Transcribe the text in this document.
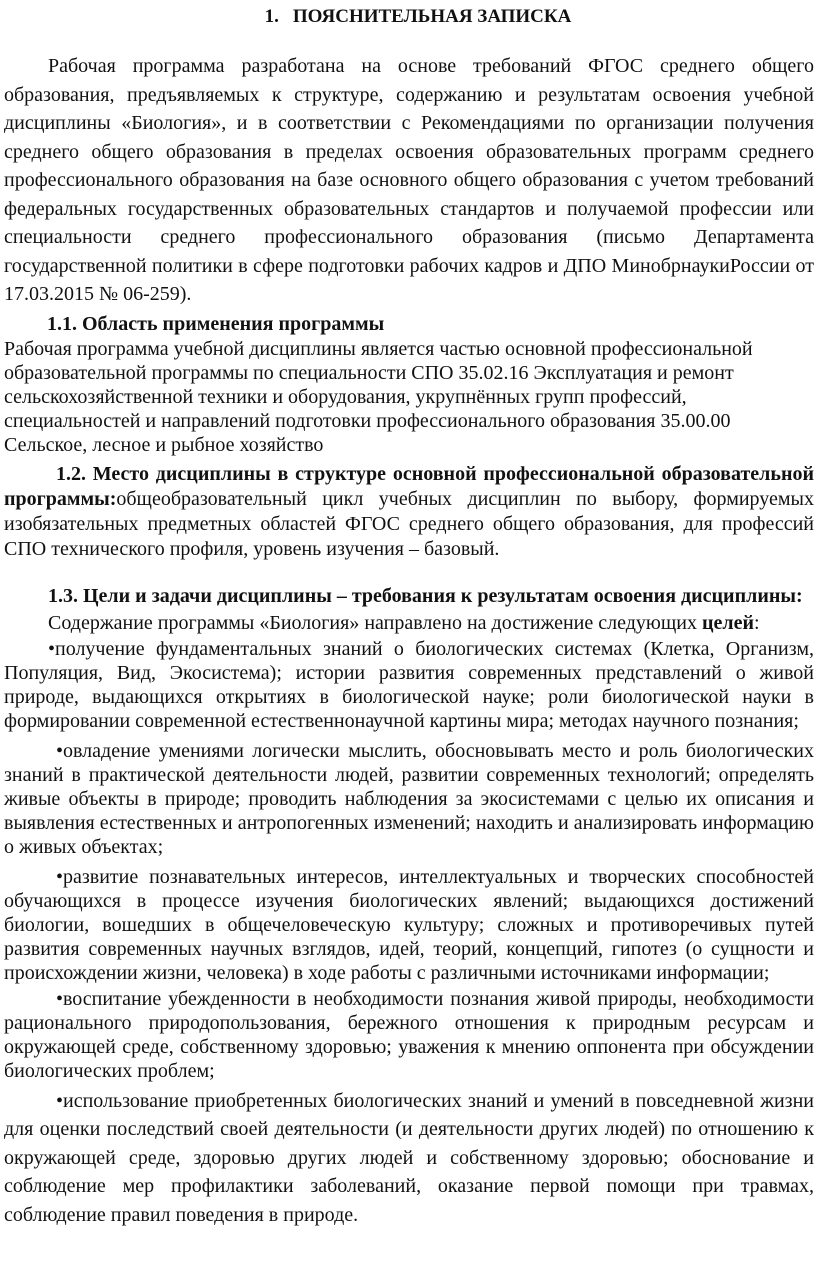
1. ПОЯСНИТЕЛЬНАЯ ЗАПИСКА

Рабочая программа разработана на основе требований ФГОС среднего общего образования, предъявляемых к структуре, содержанию и результатам освоения учебной дисциплины «Биология», и в соответствии с Рекомендациями по организации получения среднего общего образования в пределах освоения образовательных программ среднего профессионального образования на базе основного общего образования с учетом требований федеральных государственных образовательных стандартов и получаемой профессии или специальности среднего профессионального образования (письмо Департамента государственной политики в сфере подготовки рабочих кадров и ДПО МинобрнаукиРоссии от 17.03.2015 № 06-259).

1.1. Область применения программы

Рабочая программа учебной дисциплины является частью основной профессиональной образовательной программы по специальности СПО 35.02.16 Эксплуатация и ремонт сельскохозяйственной техники и оборудования, укрупнённых групп профессий, специальностей и направлений подготовки профессионального образования 35.00.00 Сельское, лесное и рыбное хозяйство

1.2. Место дисциплины в структуре основной профессиональной образовательной программы:общеобразовательный цикл учебных дисциплин по выбору, формируемых изобязательных предметных областей ФГОС среднего общего образования, для профессий СПО технического профиля, уровень изучения – базовый.

1.3. Цели и задачи дисциплины – требования к результатам освоения дисциплины:

Содержание программы «Биология» направлено на достижение следующих целей:

•получение фундаментальных знаний о биологических системах (Клетка, Организм, Популяция, Вид, Экосистема); истории развития современных представлений о живой природе, выдающихся открытиях в биологической науке; роли биологической науки в формировании современной естественнонаучной картины мира; методах научного познания;

•овладение умениями логически мыслить, обосновывать место и роль биологических знаний в практической деятельности людей, развитии современных технологий; определять живые объекты в природе; проводить наблюдения за экосистемами с целью их описания и выявления естественных и антропогенных изменений; находить и анализировать информацию о живых объектах;

•развитие познавательных интересов, интеллектуальных и творческих способностей обучающихся в процессе изучения биологических явлений; выдающихся достижений биологии, вошедших в общечеловеческую культуру; сложных и противоречивых путей развития современных научных взглядов, идей, теорий, концепций, гипотез (о сущности и происхождении жизни, человека) в ходе работы с различными источниками информации;

•воспитание убежденности в необходимости познания живой природы, необходимости рационального природопользования, бережного отношения к природным ресурсам и окружающей среде, собственному здоровью; уважения к мнению оппонента при обсуждении биологических проблем;

•использование приобретенных биологических знаний и умений в повседневной жизни для оценки последствий своей деятельности (и деятельности других людей) по отношению к окружающей среде, здоровью других людей и собственному здоровью; обоснование и соблюдение мер профилактики заболеваний, оказание первой помощи при травмах, соблюдение правил поведения в природе.
